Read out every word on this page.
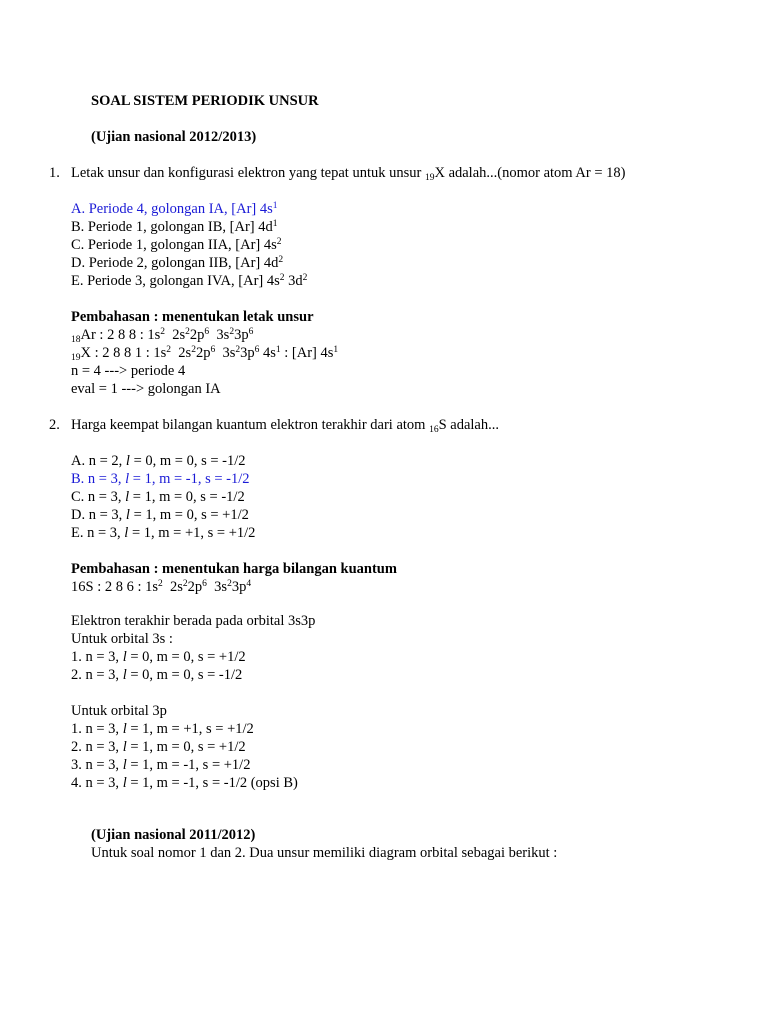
SOAL SISTEM PERIODIK UNSUR
(Ujian nasional 2012/2013)
1. Letak unsur dan konfigurasi elektron yang tepat untuk unsur $_{19}$X adalah...(nomor atom Ar = 18)
A. Periode 4, golongan IA, [Ar] $4s^1$
B. Periode 1, golongan IB, [Ar] $4d^1$
C. Periode 1, golongan IIA, [Ar] $4s^2$
D. Periode 2, golongan IIB, [Ar] $4d^2$
E. Periode 3, golongan IVA, [Ar] $4s^2$ $3d^2$
Pembahasan : menentukan letak unsur
$_{18}$Ar : 2 8 8 : $1s^2$  $2s^22p^6$  $3s^23p^6$
$_{19}$X : 2 8 8 1 : $1s^2$  $2s^22p^6$  $3s^23p^6$ $4s^1$ : [Ar] $4s^1$
n = 4 ---> periode 4
eval = 1 ---> golongan IA
2. Harga keempat bilangan kuantum elektron terakhir dari atom $_{16}$S adalah...
A. n = 2, l = 0, m = 0, s = -1/2
B. n = 3, l = 1, m = -1, s = -1/2
C. n = 3, l = 1, m = 0, s = -1/2
D. n = 3, l = 1, m = 0, s = +1/2
E. n = 3, l = 1, m = +1, s = +1/2
Pembahasan : menentukan harga bilangan kuantum
16S : 2 8 6 : $1s^2$  $2s^22p^6$  $3s^23p^4$
Elektron terakhir berada pada orbital 3s3p
Untuk orbital 3s :
1. n = 3, l = 0, m = 0, s = +1/2
2. n = 3, l = 0, m = 0, s = -1/2
Untuk orbital 3p
1. n = 3, l = 1, m = +1, s = +1/2
2. n = 3, l = 1, m = 0, s = +1/2
3. n = 3, l = 1, m = -1, s = +1/2
4. n = 3, l = 1, m = -1, s = -1/2 (opsi B)
(Ujian nasional 2011/2012)
Untuk soal nomor 1 dan 2. Dua unsur memiliki diagram orbital sebagai berikut :
